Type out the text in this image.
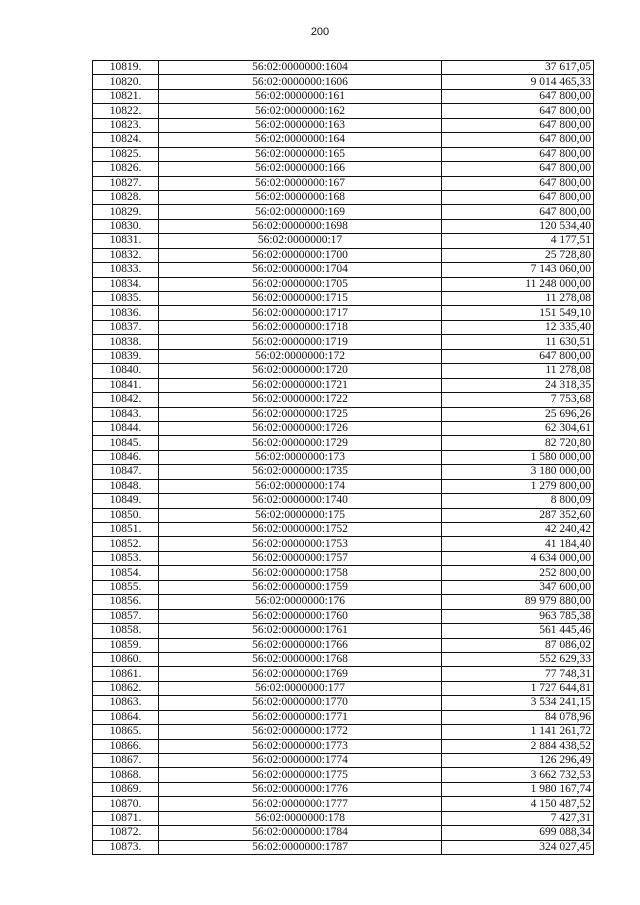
200
10819.	56:02:0000000:1604	37 617,05
10820.	56:02:0000000:1606	9 014 465,33
10821.	56:02:0000000:161	647 800,00
10822.	56:02:0000000:162	647 800,00
10823.	56:02:0000000:163	647 800,00
10824.	56:02:0000000:164	647 800,00
10825.	56:02:0000000:165	647 800,00
10826.	56:02:0000000:166	647 800,00
10827.	56:02:0000000:167	647 800,00
10828.	56:02:0000000:168	647 800,00
10829.	56:02:0000000:169	647 800,00
10830.	56:02:0000000:1698	120 534,40
10831.	56:02:0000000:17	4 177,51
10832.	56:02:0000000:1700	25 728,80
10833.	56:02:0000000:1704	7 143 060,00
10834.	56:02:0000000:1705	11 248 000,00
10835.	56:02:0000000:1715	11 278,08
10836.	56:02:0000000:1717	151 549,10
10837.	56:02:0000000:1718	12 335,40
10838.	56:02:0000000:1719	11 630,51
10839.	56:02:0000000:172	647 800,00
10840.	56:02:0000000:1720	11 278,08
10841.	56:02:0000000:1721	24 318,35
10842.	56:02:0000000:1722	7 753,68
10843.	56:02:0000000:1725	25 696,26
10844.	56:02:0000000:1726	62 304,61
10845.	56:02:0000000:1729	82 720,80
10846.	56:02:0000000:173	1 580 000,00
10847.	56:02:0000000:1735	3 180 000,00
10848.	56:02:0000000:174	1 279 800,00
10849.	56:02:0000000:1740	8 800,09
10850.	56:02:0000000:175	287 352,60
10851.	56:02:0000000:1752	42 240,42
10852.	56:02:0000000:1753	41 184,40
10853.	56:02:0000000:1757	4 634 000,00
10854.	56:02:0000000:1758	252 800,00
10855.	56:02:0000000:1759	347 600,00
10856.	56:02:0000000:176	89 979 880,00
10857.	56:02:0000000:1760	963 785,38
10858.	56:02:0000000:1761	561 445,46
10859.	56:02:0000000:1766	87 086,02
10860.	56:02:0000000:1768	552 629,33
10861.	56:02:0000000:1769	77 748,31
10862.	56:02:0000000:177	1 727 644,81
10863.	56:02:0000000:1770	3 534 241,15
10864.	56:02:0000000:1771	84 078,96
10865.	56:02:0000000:1772	1 141 261,72
10866.	56:02:0000000:1773	2 884 438,52
10867.	56:02:0000000:1774	126 296,49
10868.	56:02:0000000:1775	3 662 732,53
10869.	56:02:0000000:1776	1 980 167,74
10870.	56:02:0000000:1777	4 150 487,52
10871.	56:02:0000000:178	7 427,31
10872.	56:02:0000000:1784	699 088,34
10873.	56:02:0000000:1787	324 027,45
